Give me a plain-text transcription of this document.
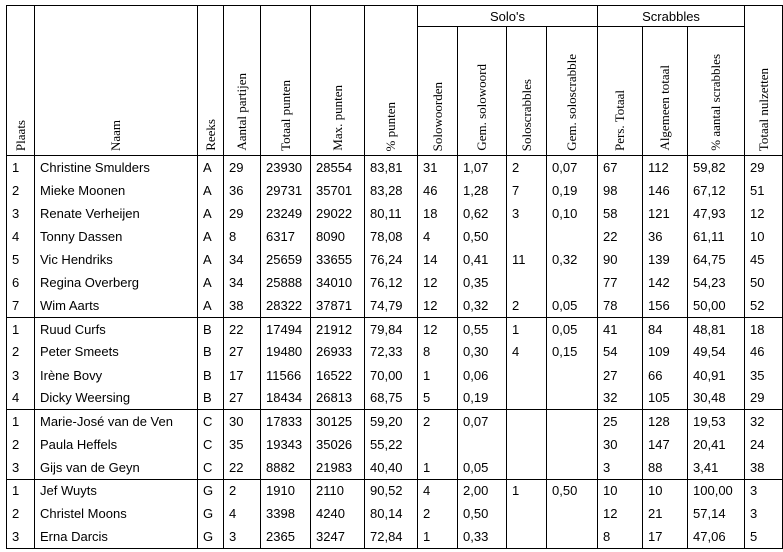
Plaats	Naam	Reeks	Aantal partijen	Totaal punten	Max. punten	% punten	Solo's				Scrabbles			Totaal nulzetten

							Solowoorden	Gem. solowoord	Soloscrabbles	Gem. soloscrabble	Pers. Totaal	Algemeen totaal	% aantal scrabbles	

1	Christine Smulders	A	29	23930	28554	83,81	31	1,07	2	0,07	67	112	59,82	29
2	Mieke Moonen	A	36	29731	35701	83,28	46	1,28	7	0,19	98	146	67,12	51
3	Renate Verheijen	A	29	23249	29022	80,11	18	0,62	3	0,10	58	121	47,93	12
4	Tonny Dassen	A	8	6317	8090	78,08	4	0,50			22	36	61,11	10
5	Vic Hendriks	A	34	25659	33655	76,24	14	0,41	11	0,32	90	139	64,75	45
6	Regina Overberg	A	34	25888	34010	76,12	12	0,35			77	142	54,23	50
7	Wim Aarts	A	38	28322	37871	74,79	12	0,32	2	0,05	78	156	50,00	52
1	Ruud Curfs	B	22	17494	21912	79,84	12	0,55	1	0,05	41	84	48,81	18
2	Peter Smeets	B	27	19480	26933	72,33	8	0,30	4	0,15	54	109	49,54	46
3	Irène Bovy	B	17	11566	16522	70,00	1	0,06			27	66	40,91	35
4	Dicky Weersing	B	27	18434	26813	68,75	5	0,19			32	105	30,48	29
1	Marie-José van de Ven	C	30	17833	30125	59,20	2	0,07			25	128	19,53	32
2	Paula Heffels	C	35	19343	35026	55,22					30	147	20,41	24
3	Gijs van de Geyn	C	22	8882	21983	40,40	1	0,05			3	88	3,41	38
1	Jef Wuyts	G	2	1910	2110	90,52	4	2,00	1	0,50	10	10	100,00	3
2	Christel Moons	G	4	3398	4240	80,14	2	0,50			12	21	57,14	3
3	Erna Darcis	G	3	2365	3247	72,84	1	0,33			8	17	47,06	5
